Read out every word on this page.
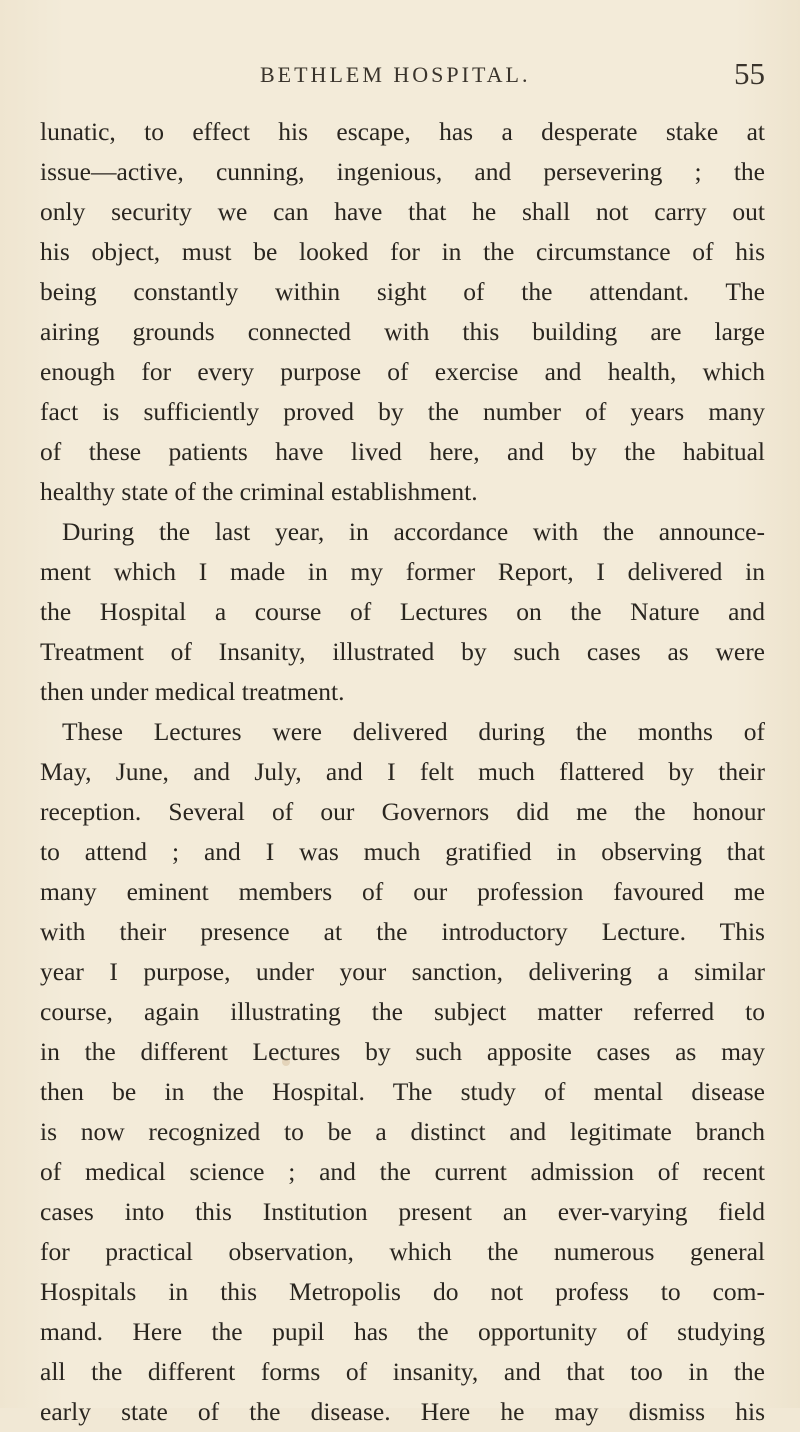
BETHLEM HOSPITAL.	55
lunatic, to effect his escape, has a desperate stake at
issue—active, cunning, ingenious, and persevering ; the
only security we can have that he shall not carry out
his object, must be looked for in the circumstance of his
being constantly within sight of the attendant. The
airing grounds connected with this building are large
enough for every purpose of exercise and health, which
fact is sufficiently proved by the number of years many
of these patients have lived here, and by the habitual
healthy state of the criminal establishment.
During the last year, in accordance with the announce-
ment which I made in my former Report, I delivered in
the Hospital a course of Lectures on the Nature and
Treatment of Insanity, illustrated by such cases as were
then under medical treatment.
These Lectures were delivered during the months of
May, June, and July, and I felt much flattered by their
reception. Several of our Governors did me the honour
to attend ; and I was much gratified in observing that
many eminent members of our profession favoured me
with their presence at the introductory Lecture. This
year I purpose, under your sanction, delivering a similar
course, again illustrating the subject matter referred to
in the different Lectures by such apposite cases as may
then be in the Hospital. The study of mental disease
is now recognized to be a distinct and legitimate branch
of medical science ; and the current admission of recent
cases into this Institution present an ever-varying field
for practical observation, which the numerous general
Hospitals in this Metropolis do not profess to com-
mand. Here the pupil has the opportunity of studying
all the different forms of insanity, and that too in the
early state of the disease. Here he may dismiss his
